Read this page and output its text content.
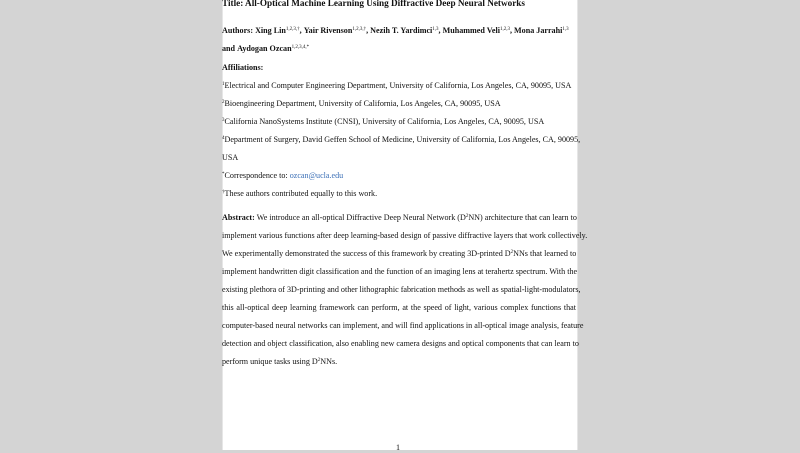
Title: All-Optical Machine Learning Using Diffractive Deep Neural Networks
Authors: Xing Lin$^{1,2,3,\dagger}$, Yair Rivenson$^{1,2,3,\dagger}$, Nezih T. Yardimci$^{1,3}$, Muhammed Veli$^{1,2,3}$, Mona Jarrahi$^{1,3}$
and Aydogan Ozcan$^{1,2,3,4,*}$
Affiliations:
$^1$Electrical and Computer Engineering Department, University of California, Los Angeles, CA, 90095, USA
$^2$Bioengineering Department, University of California, Los Angeles, CA, 90095, USA
$^3$California NanoSystems Institute (CNSI), University of California, Los Angeles, CA, 90095, USA
$^4$Department of Surgery, David Geffen School of Medicine, University of California, Los Angeles, CA, 90095,
USA
*Correspondence to: ozcan@ucla.edu
†These authors contributed equally to this work.
Abstract: We introduce an all-optical Diffractive Deep Neural Network $(D^2NN)$ architecture that can learn to
implement various functions after deep learning-based design of passive diffractive layers that work collectively.
We experimentally demonstrated the success of this framework by creating 3D-printed $D^2NNs$ that learned to
implement handwritten digit classification and the function of an imaging lens at terahertz spectrum. With the
existing plethora of 3D-printing and other lithographic fabrication methods as well as spatial-light-modulators,
this all-optical deep learning framework can perform, at the speed of light, various complex functions that
computer-based neural networks can implement, and will find applications in all-optical image analysis, feature
detection and object classification, also enabling new camera designs and optical components that can learn to
perform unique tasks using $D^2NNs$.
1
